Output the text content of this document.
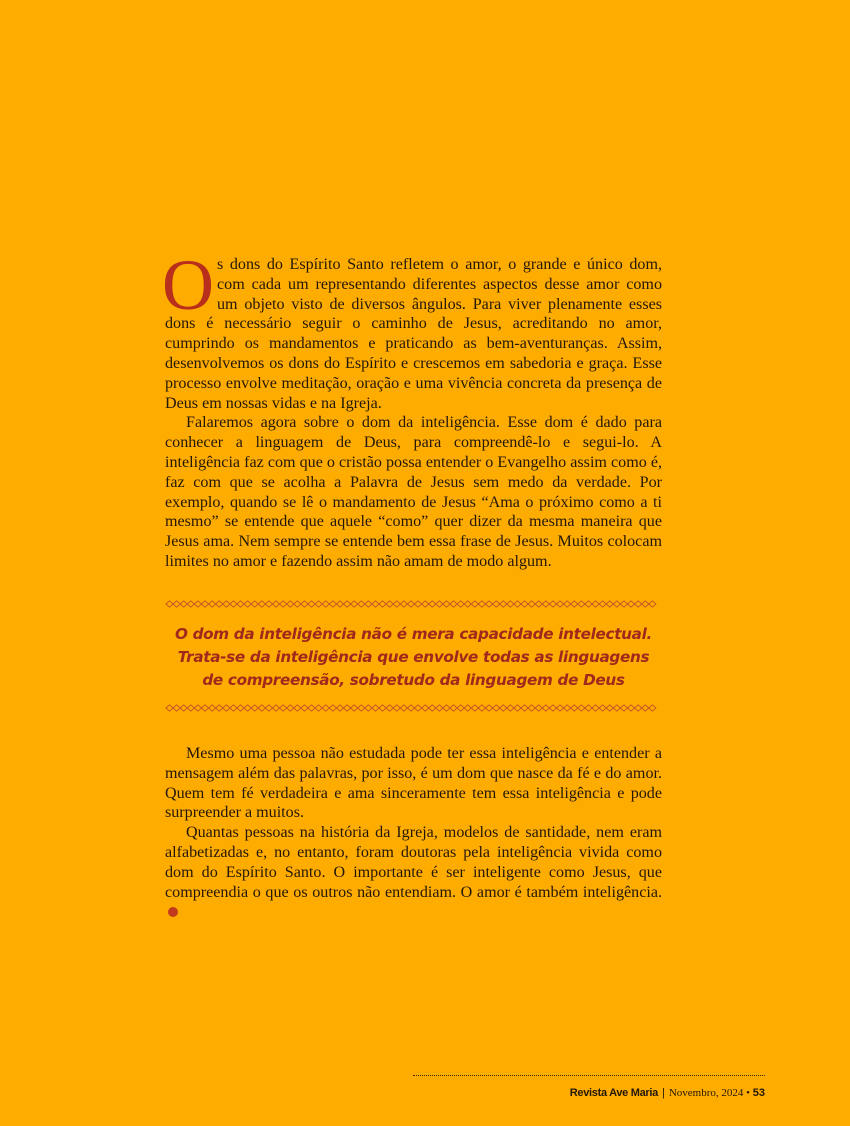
Os dons do Espírito Santo refletem o amor, o grande e único dom, com cada um representando diferentes aspectos desse amor como um objeto visto de diversos ângulos. Para viver plenamente esses dons é necessário seguir o caminho de Jesus, acreditando no amor, cumprindo os mandamentos e praticando as bem-aventuranças. Assim, desenvolvemos os dons do Espírito e crescemos em sabedoria e graça. Esse processo envolve meditação, oração e uma vivência concreta da presença de Deus em nossas vidas e na Igreja.

Falaremos agora sobre o dom da inteligência. Esse dom é dado para conhecer a linguagem de Deus, para compreendê-lo e segui-lo. A inteligência faz com que o cristão possa entender o Evangelho assim como é, faz com que se acolha a Palavra de Jesus sem medo da verdade. Por exemplo, quando se lê o mandamento de Jesus “Ama o próximo como a ti mesmo” se entende que aquele “como” quer dizer da mesma maneira que Jesus ama. Nem sempre se entende bem essa frase de Jesus. Muitos colocam limites no amor e fazendo assim não amam de modo algum.

O dom da inteligência não é mera capacidade intelectual.
Trata-se da inteligência que envolve todas as linguagens
de compreensão, sobretudo da linguagem de Deus

Mesmo uma pessoa não estudada pode ter essa inteligência e entender a mensagem além das palavras, por isso, é um dom que nasce da fé e do amor. Quem tem fé verdadeira e ama sinceramente tem essa inteligência e pode surpreender a muitos.

Quantas pessoas na história da Igreja, modelos de santidade, nem eram alfabetizadas e, no entanto, foram doutoras pela inteligência vivida como dom do Espírito Santo. O importante é ser inteligente como Jesus, que compreendia o que os outros não entendiam. O amor é também inteligência.

Revista Ave Maria | Novembro, 2024 • 53
